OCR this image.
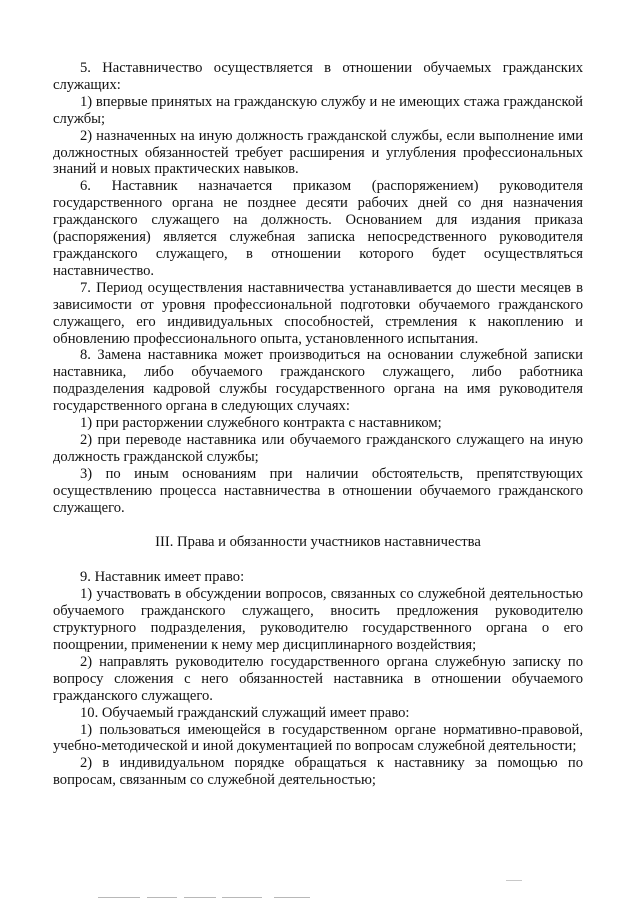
5. Наставничество осуществляется в отношении обучаемых гражданских служащих:

1) впервые принятых на гражданскую службу и не имеющих стажа гражданской службы;

2) назначенных на иную должность гражданской службы, если выполнение ими должностных обязанностей требует расширения и углубления профессиональных знаний и новых практических навыков.

6. Наставник назначается приказом (распоряжением) руководителя государственного органа не позднее десяти рабочих дней со дня назначения гражданского служащего на должность. Основанием для издания приказа (распоряжения) является служебная записка непосредственного руководителя гражданского служащего, в отношении которого будет осуществляться наставничество.

7. Период осуществления наставничества устанавливается до шести месяцев в зависимости от уровня профессиональной подготовки обучаемого гражданского служащего, его индивидуальных способностей, стремления к накоплению и обновлению профессионального опыта, установленного испытания.

8. Замена наставника может производиться на основании служебной записки наставника, либо обучаемого гражданского служащего, либо работника подразделения кадровой службы государственного органа на имя руководителя государственного органа в следующих случаях:

1) при расторжении служебного контракта с наставником;

2) при переводе наставника или обучаемого гражданского служащего на иную должность гражданской службы;

3) по иным основаниям при наличии обстоятельств, препятствующих осуществлению процесса наставничества в отношении обучаемого гражданского служащего.

III. Права и обязанности участников наставничества

9. Наставник имеет право:

1) участвовать в обсуждении вопросов, связанных со служебной деятельностью обучаемого гражданского служащего, вносить предложения руководителю структурного подразделения, руководителю государственного органа о его поощрении, применении к нему мер дисциплинарного воздействия;

2) направлять руководителю государственного органа служебную записку по вопросу сложения с него обязанностей наставника в отношении обучаемого гражданского служащего.

10. Обучаемый гражданский служащий имеет право:

1) пользоваться имеющейся в государственном органе нормативно-правовой, учебно-методической и иной документацией по вопросам служебной деятельности;

2) в индивидуальном порядке обращаться к наставнику за помощью по вопросам, связанным со служебной деятельностью;
